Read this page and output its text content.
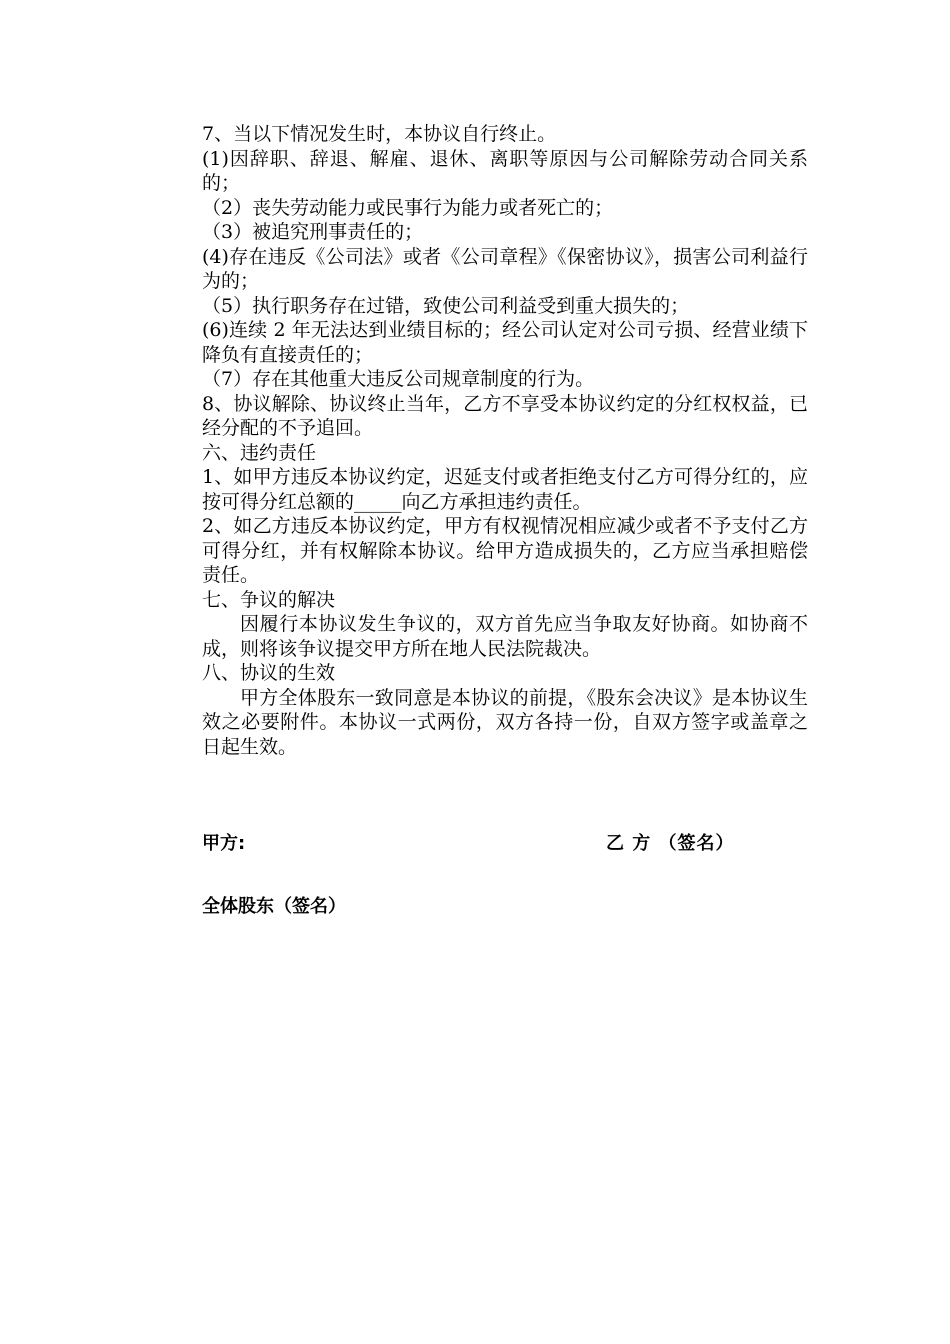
7、当以下情况发生时，本协议自行终止。

(1)因辞职、辞退、解雇、退休、离职等原因与公司解除劳动合同关系的；

（2）丧失劳动能力或民事行为能力或者死亡的；

（3）被追究刑事责任的；

(4)存在违反《公司法》或者《公司章程》《保密协议》，损害公司利益行为的；

（5）执行职务存在过错，致使公司利益受到重大损失的；

(6)连续 2 年无法达到业绩目标的；经公司认定对公司亏损、经营业绩下降负有直接责任的；

（7）存在其他重大违反公司规章制度的行为。

8、协议解除、协议终止当年，乙方不享受本协议约定的分红权权益，已经分配的不予追回。

六、违约责任

1、如甲方违反本协议约定，迟延支付或者拒绝支付乙方可得分红的，应按可得分红总额的_____向乙方承担违约责任。

2、如乙方违反本协议约定，甲方有权视情况相应减少或者不予支付乙方可得分红，并有权解除本协议。给甲方造成损失的，乙方应当承担赔偿责任。

七、争议的解决

因履行本协议发生争议的，双方首先应当争取友好协商。如协商不成，则将该争议提交甲方所在地人民法院裁决。

八、协议的生效

甲方全体股东一致同意是本协议的前提，《股东会决议》是本协议生效之必要附件。本协议一式两份，双方各持一份，自双方签字或盖章之日起生效。

甲方:	乙 方 （签名）
全体股东（签名）
